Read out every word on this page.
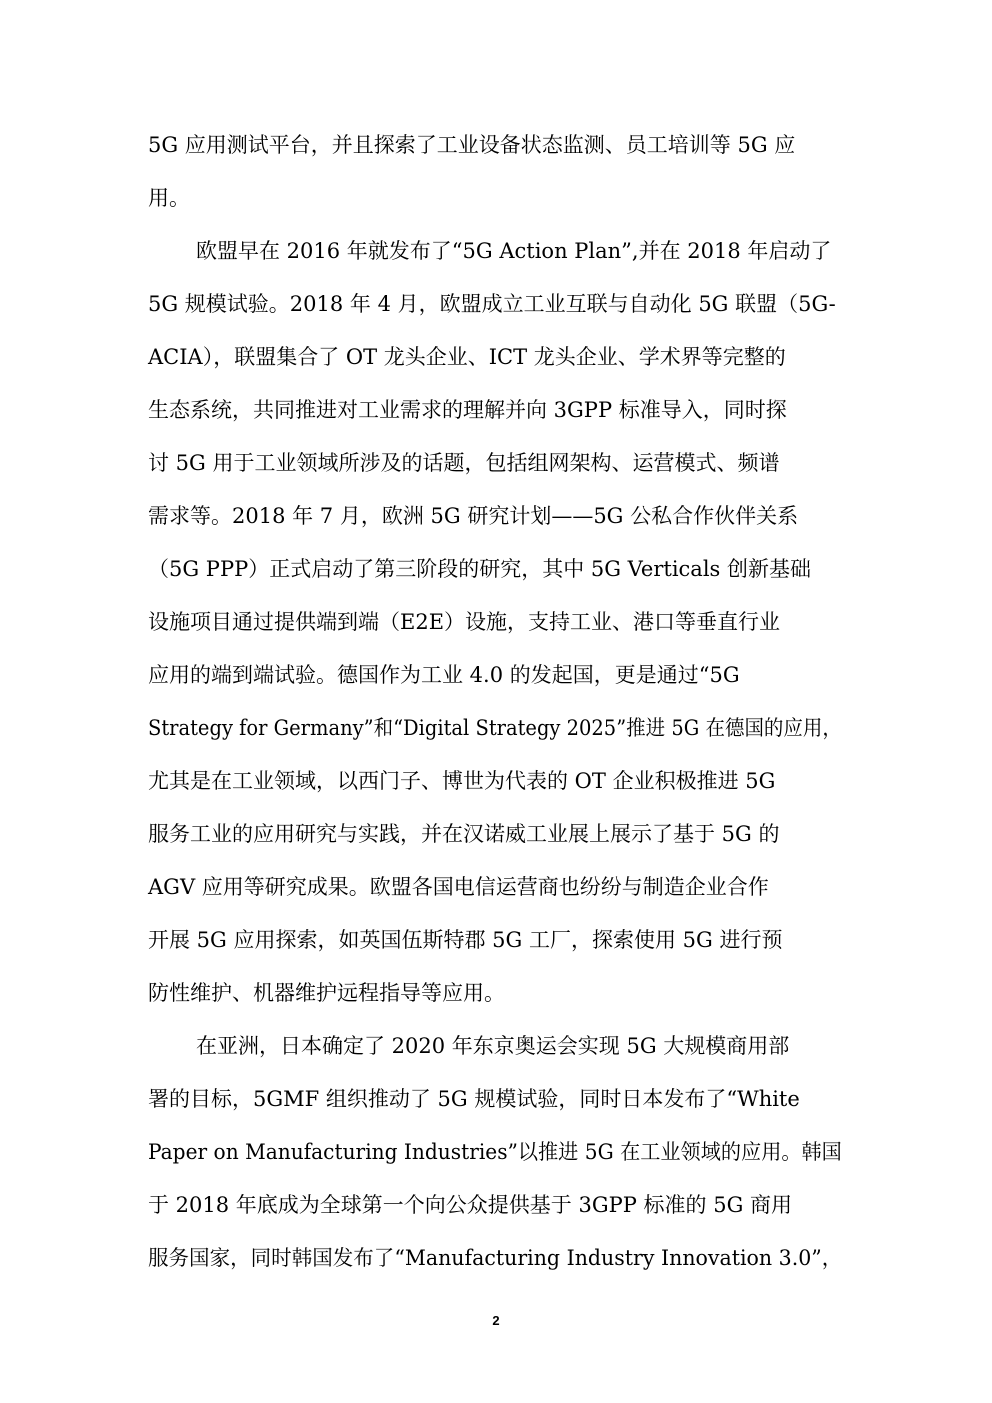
5G 应用测试平台，并且探索了工业设备状态监测、员工培训等 5G 应
用。
欧盟早在 2016 年就发布了“5G Action Plan”,并在 2018 年启动了
5G 规模试验。2018 年 4 月，欧盟成立工业互联与自动化 5G 联盟（5G-
ACIA），联盟集合了 OT 龙头企业、ICT 龙头企业、学术界等完整的
生态系统，共同推进对工业需求的理解并向 3GPP 标准导入，同时探
讨 5G 用于工业领域所涉及的话题，包括组网架构、运营模式、频谱
需求等。2018 年 7 月，欧洲 5G 研究计划——5G 公私合作伙伴关系
（5G PPP）正式启动了第三阶段的研究，其中 5G Verticals 创新基础
设施项目通过提供端到端（E2E）设施，支持工业、港口等垂直行业
应用的端到端试验。德国作为工业 4.0 的发起国，更是通过“5G
Strategy for Germany”和“Digital Strategy 2025”推进 5G 在德国的应用，
尤其是在工业领域，以西门子、博世为代表的 OT 企业积极推进 5G
服务工业的应用研究与实践，并在汉诺威工业展上展示了基于 5G 的
AGV 应用等研究成果。欧盟各国电信运营商也纷纷与制造企业合作
开展 5G 应用探索，如英国伍斯特郡 5G 工厂，探索使用 5G 进行预
防性维护、机器维护远程指导等应用。
在亚洲，日本确定了 2020 年东京奥运会实现 5G 大规模商用部
署的目标，5GMF 组织推动了 5G 规模试验，同时日本发布了“White
Paper on Manufacturing Industries”以推进 5G 在工业领域的应用。韩国
于 2018 年底成为全球第一个向公众提供基于 3GPP 标准的 5G 商用
服务国家，同时韩国发布了“Manufacturing Industry Innovation 3.0”，
2
